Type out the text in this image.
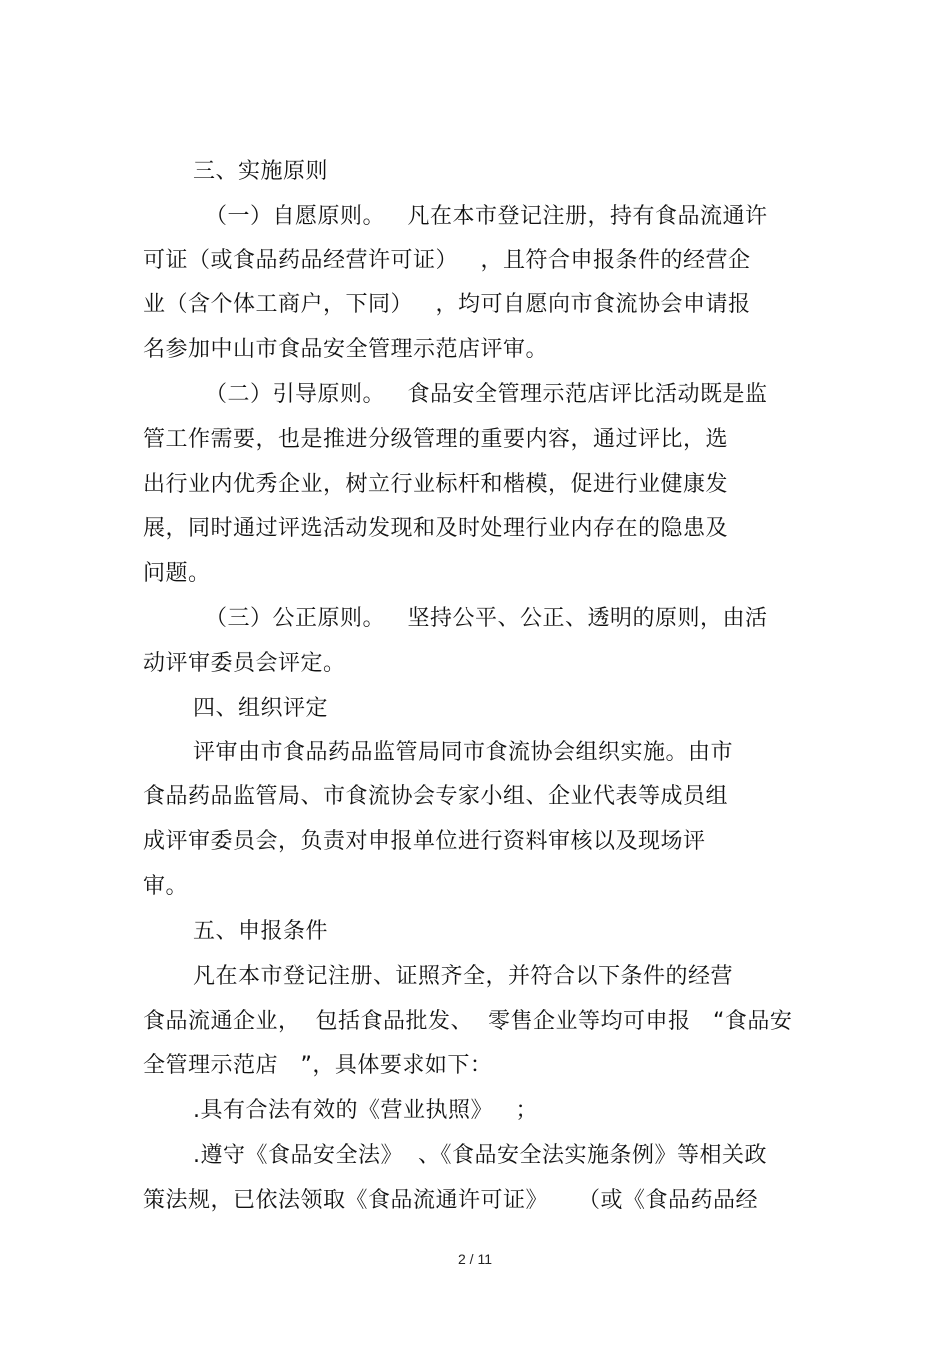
三、实施原则
（一）自愿原则。   凡在本市登记注册，持有食品流通许
可证（或食品药品经营许可证）   ，且符合申报条件的经营企
业（含个体工商户，下同）   ，均可自愿向市食流协会申请报
名参加中山市食品安全管理示范店评审。
（二）引导原则。   食品安全管理示范店评比活动既是监
管工作需要，也是推进分级管理的重要内容，通过评比，选
出行业内优秀企业，树立行业标杆和楷模，促进行业健康发
展，同时通过评选活动发现和及时处理行业内存在的隐患及
问题。
（三）公正原则。   坚持公平、公正、透明的原则，由活
动评审委员会评定。
四、组织评定
评审由市食品药品监管局同市食流协会组织实施。由市
食品药品监管局、市食流协会专家小组、企业代表等成员组
成评审委员会，负责对申报单位进行资料审核以及现场评
审。
五、申报条件
凡在本市登记注册、证照齐全，并符合以下条件的经营
食品流通企业，  包括食品批发、  零售企业等均可申报   “食品安
全管理示范店   ”，具体要求如下：
.具有合法有效的《营业执照》   ；
.遵守《食品安全法》  、《食品安全法实施条例》等相关政
策法规，已依法领取《食品流通许可证》    （或《食品药品经
2 / 11
